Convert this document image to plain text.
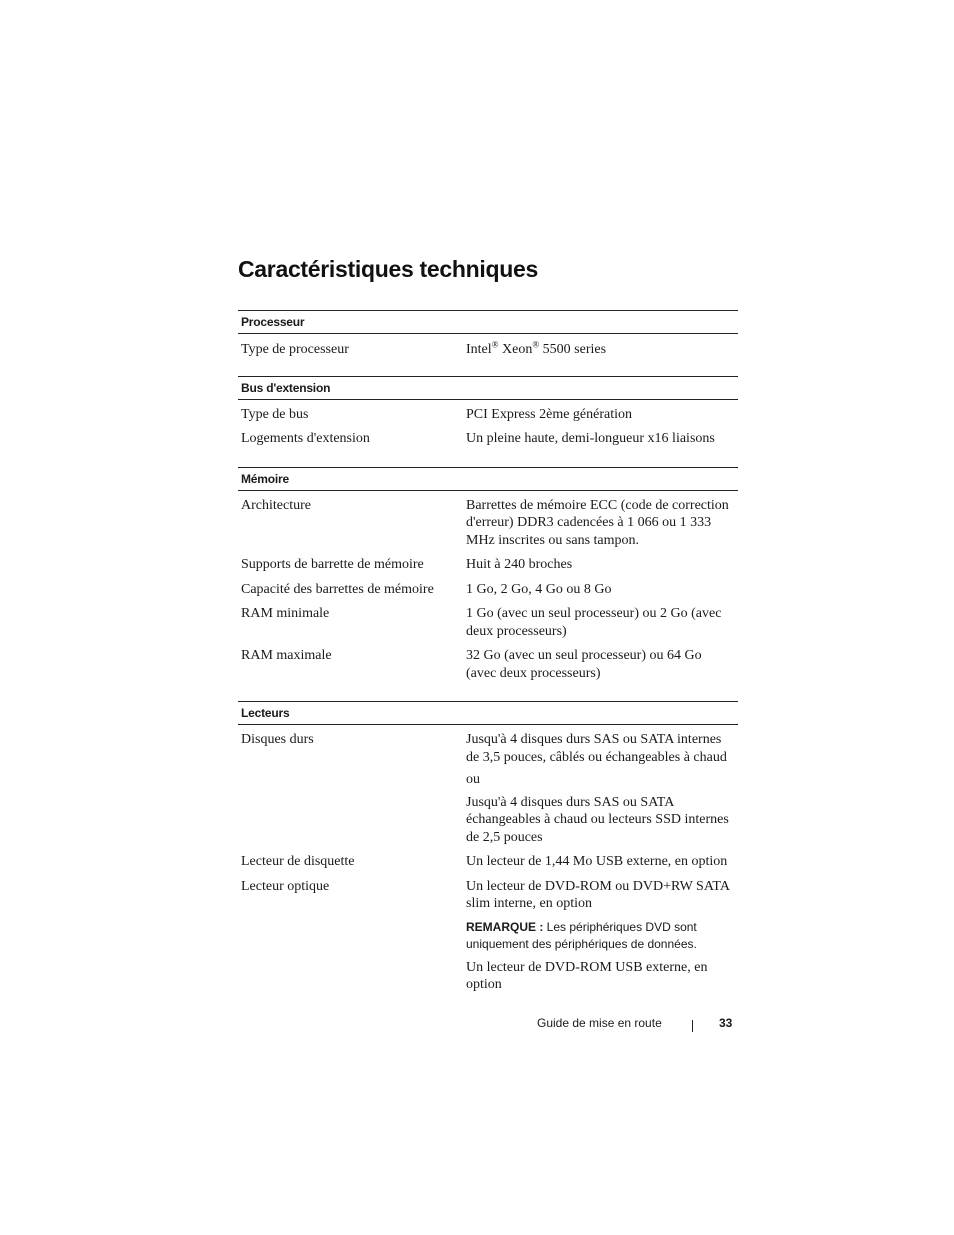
Caractéristiques techniques
Processeur
Type de processeur	Intel® Xeon® 5500 series
Bus d'extension
Type de bus	PCI Express 2ème génération
Logements d'extension	Un pleine haute, demi-longueur x16 liaisons
Mémoire
Architecture	Barrettes de mémoire ECC (code de correction d'erreur) DDR3 cadencées à 1 066 ou 1 333 MHz inscrites ou sans tampon.
Supports de barrette de mémoire	Huit à 240 broches
Capacité des barrettes de mémoire	1 Go, 2 Go, 4 Go ou 8 Go
RAM minimale	1 Go (avec un seul processeur) ou 2 Go (avec deux processeurs)
RAM maximale	32 Go (avec un seul processeur) ou 64 Go (avec deux processeurs)
Lecteurs
Disques durs	Jusqu'à 4 disques durs SAS ou SATA internes de 3,5 pouces, câblés ou échangeables à chaud

ou

Jusqu'à 4 disques durs SAS ou SATA échangeables à chaud ou lecteurs SSD internes de 2,5 pouces

Lecteur de disquette	Un lecteur de 1,44 Mo USB externe, en option
Lecteur optique	Un lecteur de DVD-ROM ou DVD+RW SATA slim interne, en option

REMARQUE : Les périphériques DVD sont uniquement des périphériques de données.

Un lecteur de DVD-ROM USB externe, en option

Guide de mise en route	33
